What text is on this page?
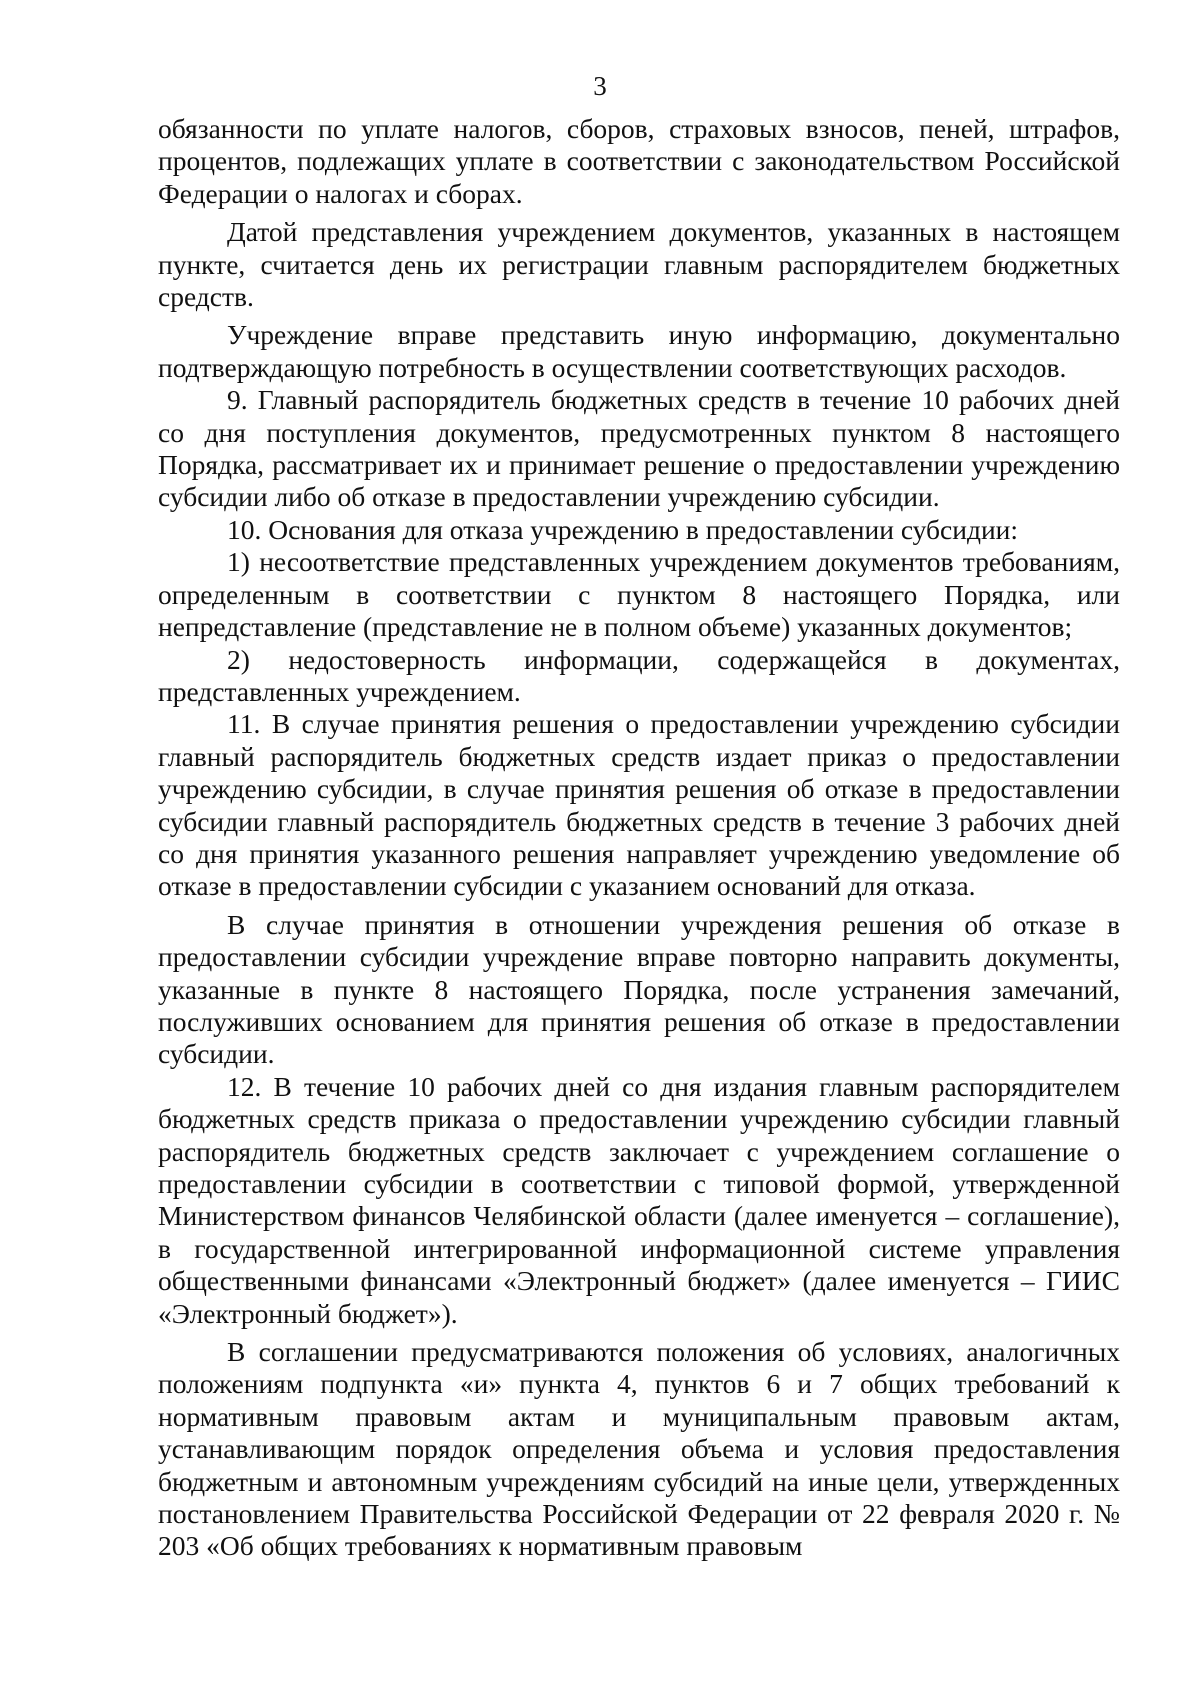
3

обязанности по уплате налогов, сборов, страховых взносов, пеней, штрафов, процентов, подлежащих уплате в соответствии с законодательством Российской Федерации о налогах и сборах.

Датой представления учреждением документов, указанных в настоящем пункте, считается день их регистрации главным распорядителем бюджетных средств.

Учреждение вправе представить иную информацию, документально подтверждающую потребность в осуществлении соответствующих расходов.

9. Главный распорядитель бюджетных средств в течение 10 рабочих дней со дня поступления документов, предусмотренных пунктом 8 настоящего Порядка, рассматривает их и принимает решение о предоставлении учреждению субсидии либо об отказе в предоставлении учреждению субсидии.

10. Основания для отказа учреждению в предоставлении субсидии:

1) несоответствие представленных учреждением документов требованиям, определенным в соответствии с пунктом 8 настоящего Порядка, или непредставление (представление не в полном объеме) указанных документов;

2) недостоверность информации, содержащейся в документах, представленных учреждением.

11. В случае принятия решения о предоставлении учреждению субсидии главный распорядитель бюджетных средств издает приказ о предоставлении учреждению субсидии, в случае принятия решения об отказе в предоставлении субсидии главный распорядитель бюджетных средств в течение 3 рабочих дней со дня принятия указанного решения направляет учреждению уведомление об отказе в предоставлении субсидии с указанием оснований для отказа.

В случае принятия в отношении учреждения решения об отказе в предоставлении субсидии учреждение вправе повторно направить документы, указанные в пункте 8 настоящего Порядка, после устранения замечаний, послуживших основанием для принятия решения об отказе в предоставлении субсидии.

12. В течение 10 рабочих дней со дня издания главным распорядителем бюджетных средств приказа о предоставлении учреждению субсидии главный распорядитель бюджетных средств заключает с учреждением соглашение о предоставлении субсидии в соответствии с типовой формой, утвержденной Министерством финансов Челябинской области (далее именуется – соглашение), в государственной интегрированной информационной системе управления общественными финансами «Электронный бюджет» (далее именуется – ГИИС «Электронный бюджет»).

В соглашении предусматриваются положения об условиях, аналогичных положениям подпункта «и» пункта 4, пунктов 6 и 7 общих требований к нормативным правовым актам и муниципальным правовым актам, устанавливающим порядок определения объема и условия предоставления бюджетным и автономным учреждениям субсидий на иные цели, утвержденных постановлением Правительства Российской Федерации от 22 февраля 2020 г. № 203 «Об общих требованиях к нормативным правовым
